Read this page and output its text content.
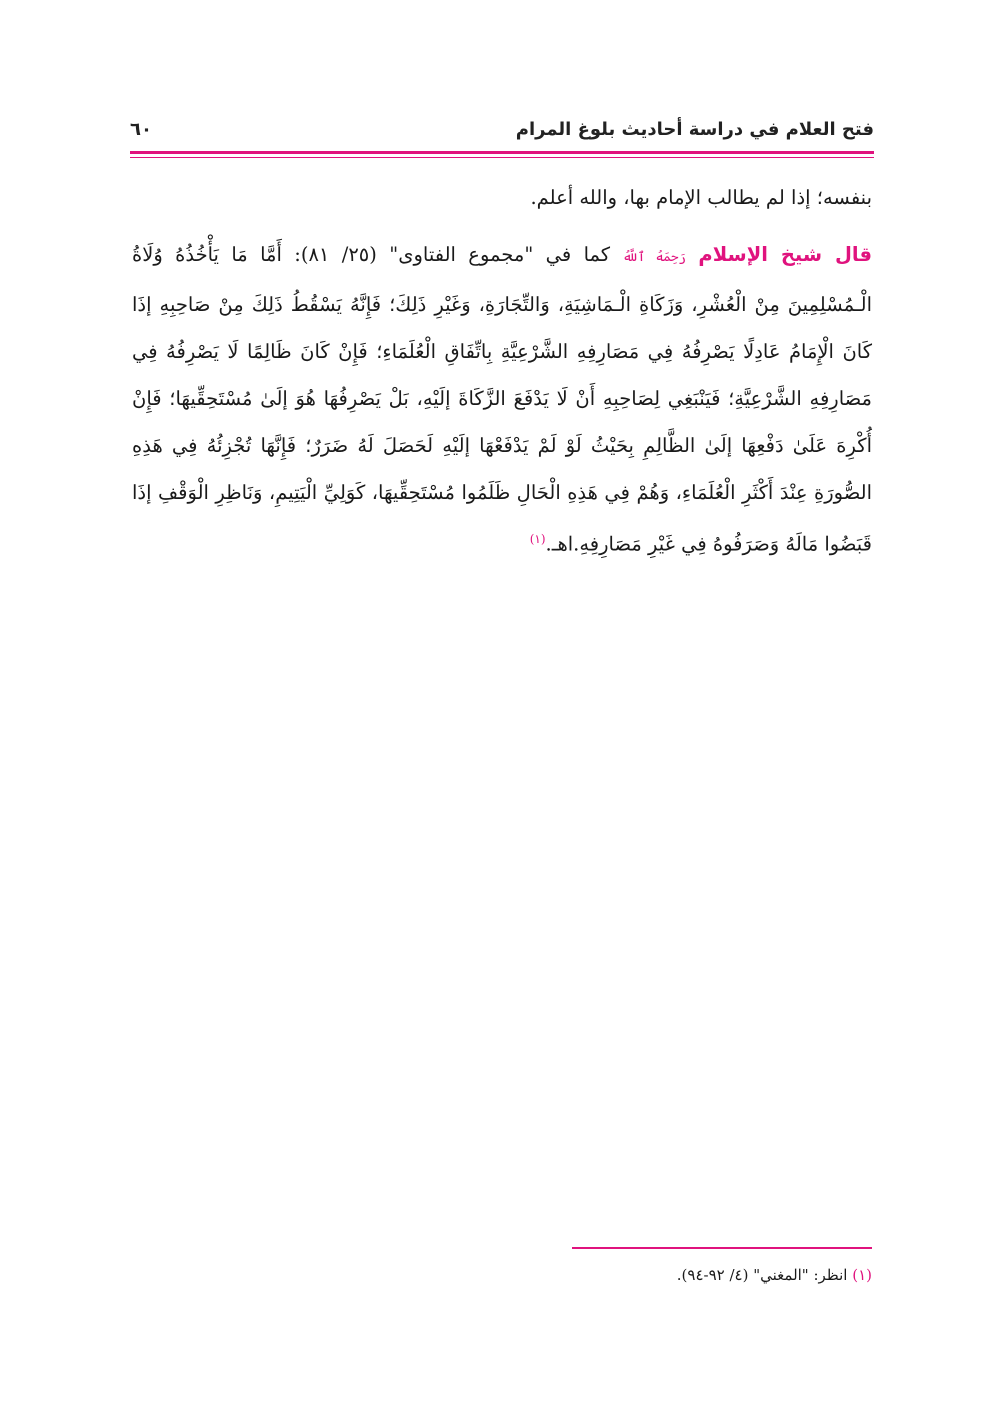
فتح العلام في دراسة أحاديث بلوغ المرام
٦٠

بنفسه؛ إذا لم يطالب الإمام بها، والله أعلم.

قال شيخ الإسلام رَحِمَهُ ٱللَّهُ كما في "مجموع الفتاوى" (٢٥/ ٨١): أَمَّا مَا يَأْخُذُهُ وُلَاةُ الْـمُسْلِمِينَ مِنْ الْعُشْرِ، وَزَكَاةِ الْـمَاشِيَةِ، وَالتِّجَارَةِ، وَغَيْرِ ذَلِكَ؛ فَإِنَّهُ يَسْقُطُ ذَلِكَ مِنْ صَاحِبِهِ إذَا كَانَ الْإِمَامُ عَادِلًا يَصْرِفُهُ فِي مَصَارِفِهِ الشَّرْعِيَّةِ بِاتِّفَاقِ الْعُلَمَاءِ؛ فَإِنْ كَانَ ظَالِمًا لَا يَصْرِفُهُ فِي مَصَارِفِهِ الشَّرْعِيَّةِ؛ فَيَنْبَغِي لِصَاحِبِهِ أَنْ لَا يَدْفَعَ الزَّكَاةَ إلَيْهِ، بَلْ يَصْرِفُهَا هُوَ إلَىٰ مُسْتَحِقِّيهَا؛ فَإِنْ أُكْرِهَ عَلَىٰ دَفْعِهَا إلَىٰ الظَّالِمِ بِحَيْثُ لَوْ لَمْ يَدْفَعْهَا إلَيْهِ لَحَصَلَ لَهُ ضَرَرٌ؛ فَإِنَّهَا تُجْزِئُهُ فِي هَذِهِ الصُّورَةِ عِنْدَ أَكْثَرِ الْعُلَمَاءِ، وَهُمْ فِي هَذِهِ الْحَالِ ظَلَمُوا مُسْتَحِقِّيهَا، كَوَلِيِّ الْيَتِيمِ، وَنَاظِرِ الْوَقْفِ إذَا قَبَضُوا مَالَهُ وَصَرَفُوهُ فِي غَيْرِ مَصَارِفِهِ.اهـ.$^{(١)}$

(١) انظر: "المغني" (٤/ ٩٢-٩٤).
